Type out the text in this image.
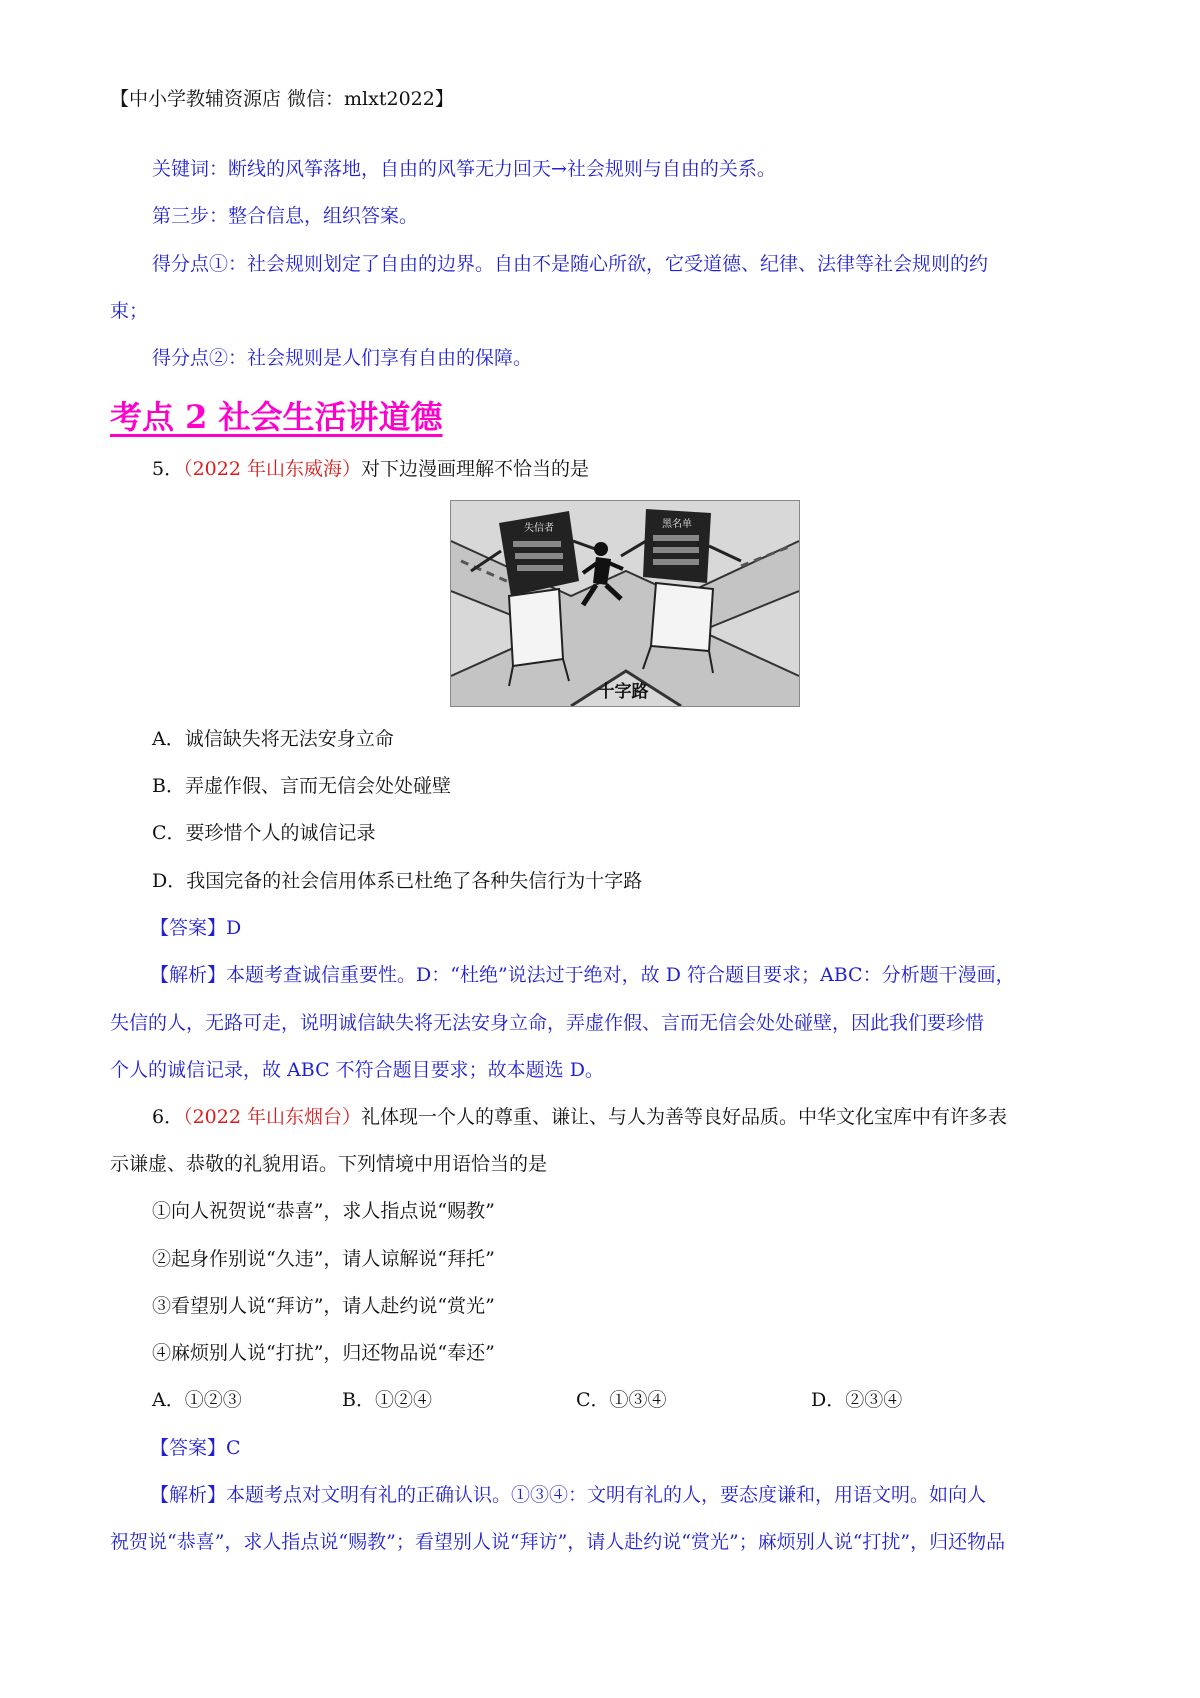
【中小学教辅资源店 微信：mlxt2022】
关键词：断线的风筝落地，自由的风筝无力回天→社会规则与自由的关系。
第三步：整合信息，组织答案。
得分点①：社会规则划定了自由的边界。自由不是随心所欲，它受道德、纪律、法律等社会规则的约
束；
得分点②：社会规则是人们享有自由的保障。
考点 2 社会生活讲道德
5．（2022 年山东威海）对下边漫画理解不恰当的是
失信者	黑名单
十字路
A．诚信缺失将无法安身立命
B．弄虚作假、言而无信会处处碰壁
C．要珍惜个人的诚信记录
D．我国完备的社会信用体系已杜绝了各种失信行为十字路
【答案】D
【解析】本题考查诚信重要性。D：“杜绝”说法过于绝对，故 D 符合题目要求；ABC：分析题干漫画，
失信的人，无路可走，说明诚信缺失将无法安身立命，弄虚作假、言而无信会处处碰壁，因此我们要珍惜
个人的诚信记录，故 ABC 不符合题目要求；故本题选 D。
6．（2022 年山东烟台）礼体现一个人的尊重、谦让、与人为善等良好品质。中华文化宝库中有许多表
示谦虚、恭敬的礼貌用语。下列情境中用语恰当的是
①向人祝贺说“恭喜”，求人指点说“赐教”
②起身作别说“久违”，请人谅解说“拜托”
③看望别人说“拜访”，请人赴约说“赏光”
④麻烦别人说“打扰”，归还物品说“奉还”
A．①②③	B．①②④	C．①③④	D．②③④
【答案】C
【解析】本题考点对文明有礼的正确认识。①③④：文明有礼的人，要态度谦和，用语文明。如向人
祝贺说“恭喜”，求人指点说“赐教”；看望别人说“拜访”，请人赴约说“赏光”；麻烦别人说“打扰”，归还物品
